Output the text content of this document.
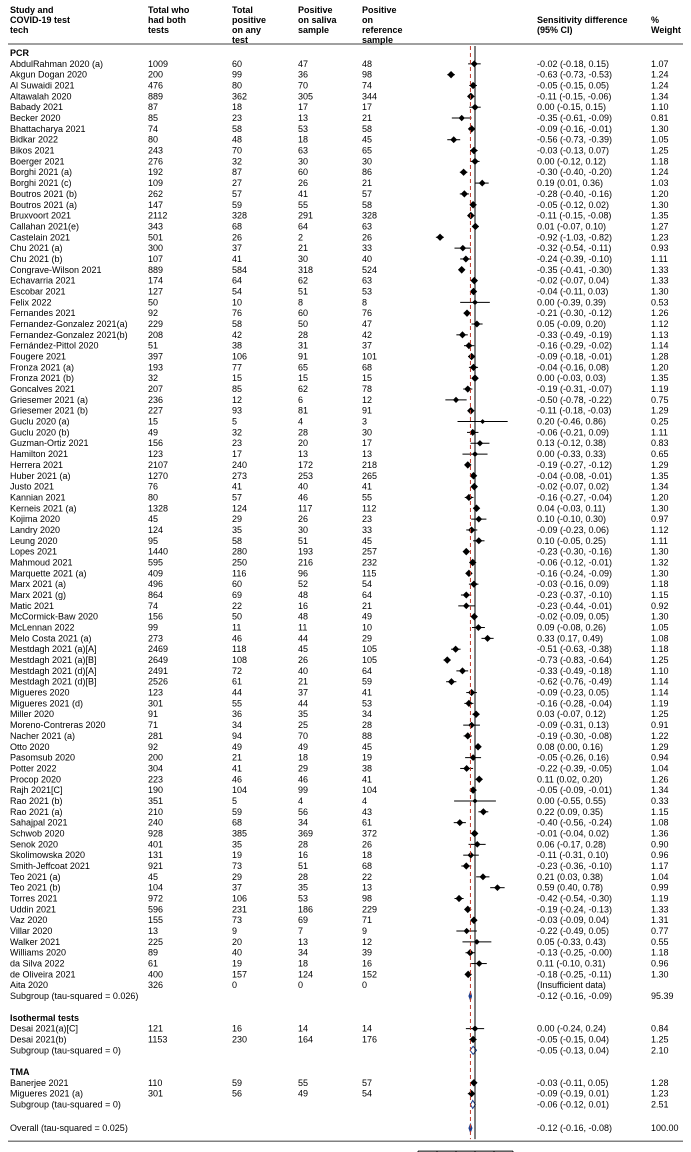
Study and COVID-19 test tech
Total who had both tests
Total positive on any test
Positive on saliva sample
Positive on reference sample
Sensitivity difference (95% CI)
% Weight
PCR
AbdulRahman 2020 (a)	1009	60	47	48	-0.02 (-0.18, 0.15)	1.07
Akgun Dogan 2020	200	99	36	98	-0.63 (-0.73, -0.53)	1.24
Al Suwaidi 2021	476	80	70	74	-0.05 (-0.15, 0.05)	1.24
Altawalah 2020	889	362	305	344	-0.11 (-0.15, -0.06)	1.34
Babady 2021	87	18	17	17	0.00 (-0.15, 0.15)	1.10
Becker 2020	85	23	13	21	-0.35 (-0.61, -0.09)	0.81
Bhattacharya 2021	74	58	53	58	-0.09 (-0.16, -0.01)	1.30
Bidkar 2022	80	48	18	45	-0.56 (-0.73, -0.39)	1.05
Bikos 2021	243	70	63	65	-0.03 (-0.13, 0.07)	1.25
Boerger 2021	276	32	30	30	0.00 (-0.12, 0.12)	1.18
Borghi 2021 (a)	192	87	60	86	-0.30 (-0.40, -0.20)	1.24
Borghi 2021 (c)	109	27	26	21	0.19 (0.01, 0.36)	1.03
Boutros 2021 (b)	262	57	41	57	-0.28 (-0.40, -0.16)	1.20
Boutros 2021 (a)	147	59	55	58	-0.05 (-0.12, 0.02)	1.30
Bruxvoort 2021	2112	328	291	328	-0.11 (-0.15, -0.08)	1.35
Callahan 2021(e)	343	68	64	63	0.01 (-0.07, 0.10)	1.27
Castelain 2021	501	26	2	26	-0.92 (-1.03, -0.82)	1.23
Chu 2021 (a)	300	37	21	33	-0.32 (-0.54, -0.11)	0.93
Chu 2021 (b)	107	41	30	40	-0.24 (-0.39, -0.10)	1.11
Congrave-Wilson 2021	889	584	318	524	-0.35 (-0.41, -0.30)	1.33
Echavarria 2021	174	64	62	63	-0.02 (-0.07, 0.04)	1.33
Escobar 2021	127	54	51	53	-0.04 (-0.11, 0.03)	1.30
Felix 2022	50	10	8	8	0.00 (-0.39, 0.39)	0.53
Fernandes 2021	92	76	60	76	-0.21 (-0.30, -0.12)	1.26
Fernandez-Gonzalez 2021(a) 229	58	50	47	0.05 (-0.09, 0.20)	1.12
Fernandez-Gonzalez 2021(b) 208	42	28	42	-0.33 (-0.49, -0.19)	1.13
Fernández-Pittol 2020	51	38	31	37	-0.16 (-0.29, -0.02)	1.14
Fougere 2021	397	106	91	101	-0.09 (-0.18, -0.01)	1.28
Fronza 2021 (a)	193	77	65	68	-0.04 (-0.16, 0.08)	1.20
Fronza 2021 (b)	32	15	15	15	0.00 (-0.03, 0.03)	1.35
Goncalves 2021	207	85	62	78	-0.19 (-0.31, -0.07)	1.19
Griesemer 2021 (a)	236	12	6	12	-0.50 (-0.78, -0.22)	0.75
Griesemer 2021 (b)	227	93	81	91	-0.11 (-0.18, -0.03)	1.29
Guclu 2020 (a)	15	5	4	3	0.20 (-0.46, 0.86)	0.25
Guclu 2020 (b)	49	32	28	30	-0.06 (-0.21, 0.09)	1.11
Guzman-Ortiz 2021	156	23	20	17	0.13 (-0.12, 0.38)	0.83
Hamilton 2021	123	17	13	13	0.00 (-0.33, 0.33)	0.65
Herrera 2021	2107	240	172	218	-0.19 (-0.27, -0.12)	1.29
Huber 2021 (a)	1270	273	253	265	-0.04 (-0.08, -0.01)	1.35
Justo 2021	76	41	40	41	-0.02 (-0.07, 0.02)	1.34
Kannian 2021	80	57	46	55	-0.16 (-0.27, -0.04)	1.20
Kerneis 2021 (a)	1328	124	117	112	0.04 (-0.03, 0.11)	1.30
Kojima 2020	45	29	26	23	0.10 (-0.10, 0.30)	0.97
Landry 2020	124	35	30	33	-0.09 (-0.23, 0.06)	1.12
Leung 2020	95	58	51	45	0.10 (-0.05, 0.25)	1.11
Lopes 2021	1440	280	193	257	-0.23 (-0.30, -0.16)	1.30
Mahmoud 2021	595	250	216	232	-0.06 (-0.12, -0.01)	1.32
Marquette 2021 (a)	409	116	96	115	-0.16 (-0.24, -0.09)	1.30
Marx 2021 (a)	496	60	52	54	-0.03 (-0.16, 0.09)	1.18
Marx 2021 (g)	864	69	48	64	-0.23 (-0.37, -0.10)	1.15
Matic 2021	74	22	16	21	-0.23 (-0.44, -0.01)	0.92
McCormick-Baw 2020	156	50	48	49	-0.02 (-0.09, 0.05)	1.30
McLennan 2022	99	11	11	10	0.09 (-0.08, 0.26)	1.05
Melo Costa 2021 (a)	273	46	44	29	0.33 (0.17, 0.49)	1.08
Mestdagh 2021 (a)[A]	2469	118	45	105	-0.51 (-0.63, -0.38)	1.18
Mestdagh 2021 (a)[B]	2649	108	26	105	-0.73 (-0.83, -0.64)	1.25
Mestdagh 2021 (d)[A]	2491	72	40	64	-0.33 (-0.49, -0.18)	1.10
Mestdagh 2021 (d)[B]	2526	61	21	59	-0.62 (-0.76, -0.49)	1.14
Migueres 2020	123	44	37	41	-0.09 (-0.23, 0.05)	1.14
Migueres 2021 (d)	301	55	44	53	-0.16 (-0.28, -0.04)	1.19
Miller 2020	91	36	35	34	0.03 (-0.07, 0.12)	1.25
Moreno-Contreras 2020	71	34	25	28	-0.09 (-0.31, 0.13)	0.91
Nacher 2021 (a)	281	94	70	88	-0.19 (-0.30, -0.08)	1.22
Otto 2020	92	49	49	45	0.08 (0.00, 0.16)	1.29
Pasomsub 2020	200	21	18	19	-0.05 (-0.26, 0.16)	0.94
Potter 2022	304	41	29	38	-0.22 (-0.39, -0.05)	1.04
Procop 2020	223	46	46	41	0.11 (0.02, 0.20)	1.26
Rajh 2021[C]	190	104	99	104	-0.05 (-0.09, -0.01)	1.34
Rao 2021 (b)	351	5	4	4	0.00 (-0.55, 0.55)	0.33
Rao 2021 (a)	210	59	56	43	0.22 (0.09, 0.35)	1.15
Sahajpal 2021	240	68	34	61	-0.40 (-0.56, -0.24)	1.08
Schwob 2020	928	385	369	372	-0.01 (-0.04, 0.02)	1.36
Senok 2020	401	35	28	26	0.06 (-0.17, 0.28)	0.90
Skolimowska 2020	131	19	16	18	-0.11 (-0.31, 0.10)	0.96
Smith-Jeffcoat 2021	921	73	51	68	-0.23 (-0.36, -0.10)	1.17
Teo 2021 (a)	45	29	28	22	0.21 (0.03, 0.38)	1.04
Teo 2021 (b)	104	37	35	13	0.59 (0.40, 0.78)	0.99
Torres 2021	972	106	53	98	-0.42 (-0.54, -0.30)	1.19
Uddin 2021	596	231	186	229	-0.19 (-0.24, -0.13)	1.33
Vaz 2020	155	73	69	71	-0.03 (-0.09, 0.04)	1.31
Villar 2020	13	9	7	9	-0.22 (-0.49, 0.05)	0.77
Walker 2021	225	20	13	12	0.05 (-0.33, 0.43)	0.55
Williams 2020	89	40	34	39	-0.13 (-0.25, -0.00)	1.18
da Silva 2022	61	19	18	16	0.11 (-0.10, 0.31)	0.96
de Oliveira 2021	400	157	124	152	-0.18 (-0.25, -0.11)	1.30
Aita 2020	326	0	0	0	(Insufficient data)
Subgroup (tau-squared = 0.026)	-0.12 (-0.16, -0.09)	95.39
Isothermal tests
Desai 2021(a)[C]	121	16	14	14	0.00 (-0.24, 0.24)	0.84
Desai 2021(b)	1153	230	164	176	-0.05 (-0.15, 0.04)	1.25
Subgroup (tau-squared = 0)	-0.05 (-0.13, 0.04)	2.10
TMA
Banerjee 2021	110	59	55	57	-0.03 (-0.11, 0.05)	1.28
Migueres 2021 (a)	301	56	49	54	-0.09 (-0.19, 0.01)	1.23
Subgroup (tau-squared = 0)	-0.06 (-0.12, 0.01)	2.51
Overall (tau-squared = 0.025)	-0.12 (-0.16, -0.08)	100.00
